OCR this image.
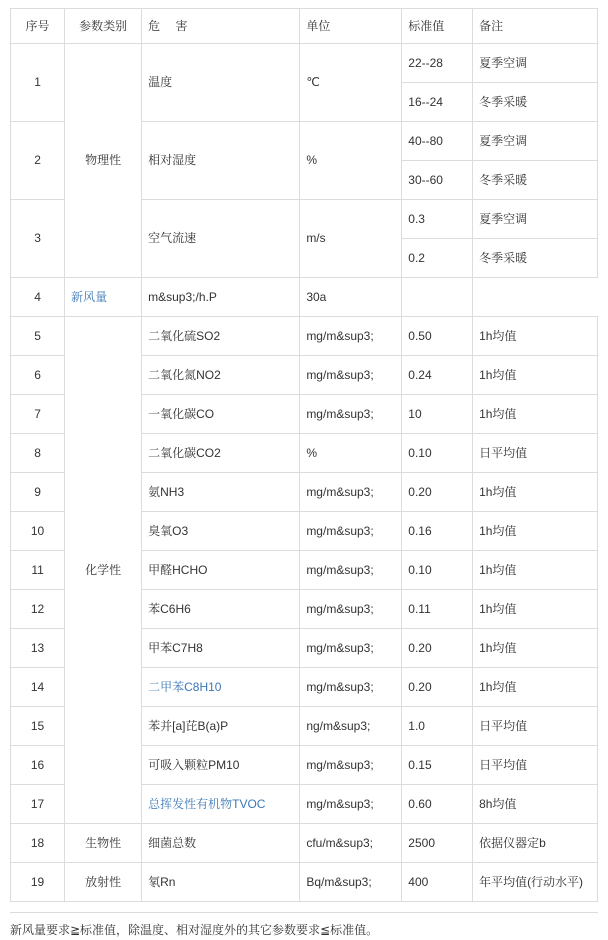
序号	参数类别	危 害	单位	标准值	备注
1	物理性	温度	℃	22--28	夏季空调
				16--24	冬季采暖
2		相对湿度	%	40--80	夏季空调
				30--60	冬季采暖
3		空气流速	m/s	0.3	夏季空调
				0.2	冬季采暖
4	新风量	m&sup3;/h.P	30a		
5	化学性	二氧化硫SO2	mg/m&sup3;	0.50	1h均值
6		二氧化氮NO2	mg/m&sup3;	0.24	1h均值
7		一氧化碳CO	mg/m&sup3;	10	1h均值
8		二氧化碳CO2	%	0.10	日平均值
9		氨NH3	mg/m&sup3;	0.20	1h均值
10		臭氧O3	mg/m&sup3;	0.16	1h均值
11		甲醛HCHO	mg/m&sup3;	0.10	1h均值
12		苯C6H6	mg/m&sup3;	0.11	1h均值
13		甲苯C7H8	mg/m&sup3;	0.20	1h均值
14		二甲苯C8H10	mg/m&sup3;	0.20	1h均值
15		苯并[a]芘B(a)P	ng/m&sup3;	1.0	日平均值
16		可吸入颗粒PM10	mg/m&sup3;	0.15	日平均值
17		总挥发性有机物TVOC	mg/m&sup3;	0.60	8h均值
18	生物性	细菌总数	cfu/m&sup3;	2500	依据仪器定b
19	放射性	氡Rn	Bq/m&sup3;	400	年平均值(行动水平)
新风量要求≧标准值，除温度、相对湿度外的其它参数要求≦标准值。
